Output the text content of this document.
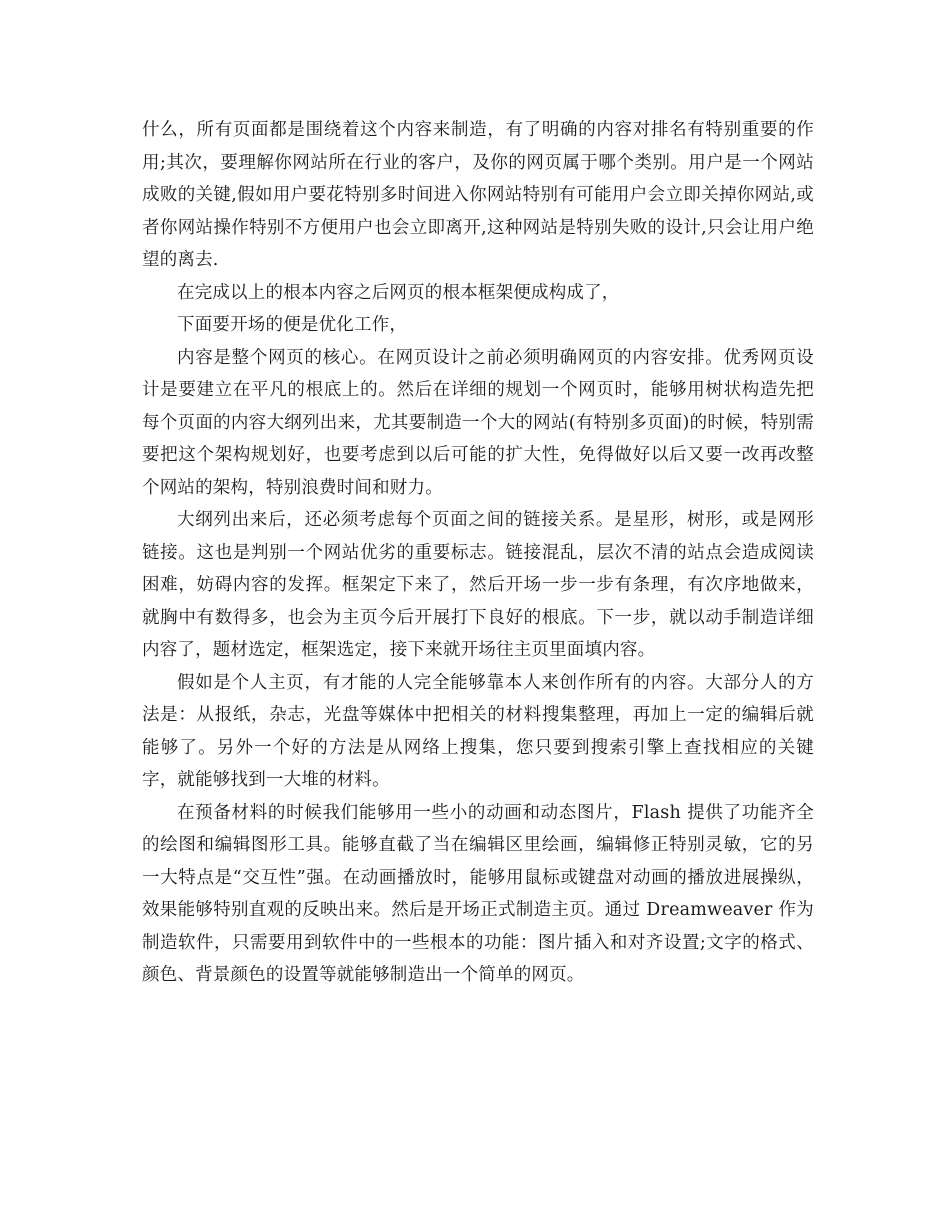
什么，所有页面都是围绕着这个内容来制造，有了明确的内容对排名有特别重要的作用;其次，要理解你网站所在行业的客户，及你的网页属于哪个类别。用户是一个网站成败的关键,假如用户要花特别多时间进入你网站特别有可能用户会立即关掉你网站,或者你网站操作特别不方便用户也会立即离开,这种网站是特别失败的设计,只会让用户绝望的离去.

在完成以上的根本内容之后网页的根本框架便成构成了，

下面要开场的便是优化工作，

内容是整个网页的核心。在网页设计之前必须明确网页的内容安排。优秀网页设计是要建立在平凡的根底上的。然后在详细的规划一个网页时，能够用树状构造先把每个页面的内容大纲列出来，尤其要制造一个大的网站(有特别多页面)的时候，特别需要把这个架构规划好，也要考虑到以后可能的扩大性，免得做好以后又要一改再改整个网站的架构，特别浪费时间和财力。

大纲列出来后，还必须考虑每个页面之间的链接关系。是星形，树形，或是网形链接。这也是判别一个网站优劣的重要标志。链接混乱，层次不清的站点会造成阅读困难，妨碍内容的发挥。框架定下来了，然后开场一步一步有条理，有次序地做来，就胸中有数得多，也会为主页今后开展打下良好的根底。下一步，就以动手制造详细内容了，题材选定，框架选定，接下来就开场往主页里面填内容。

假如是个人主页，有才能的人完全能够靠本人来创作所有的内容。大部分人的方法是：从报纸，杂志，光盘等媒体中把相关的材料搜集整理，再加上一定的编辑后就能够了。另外一个好的方法是从网络上搜集，您只要到搜索引擎上查找相应的关键字，就能够找到一大堆的材料。

在预备材料的时候我们能够用一些小的动画和动态图片，Flash 提供了功能齐全的绘图和编辑图形工具。能够直截了当在编辑区里绘画，编辑修正特别灵敏，它的另一大特点是“交互性”强。在动画播放时，能够用鼠标或键盘对动画的播放进展操纵，效果能够特别直观的反映出来。然后是开场正式制造主页。通过 Dreamweaver 作为制造软件，只需要用到软件中的一些根本的功能：图片插入和对齐设置;文字的格式、颜色、背景颜色的设置等就能够制造出一个简单的网页。
